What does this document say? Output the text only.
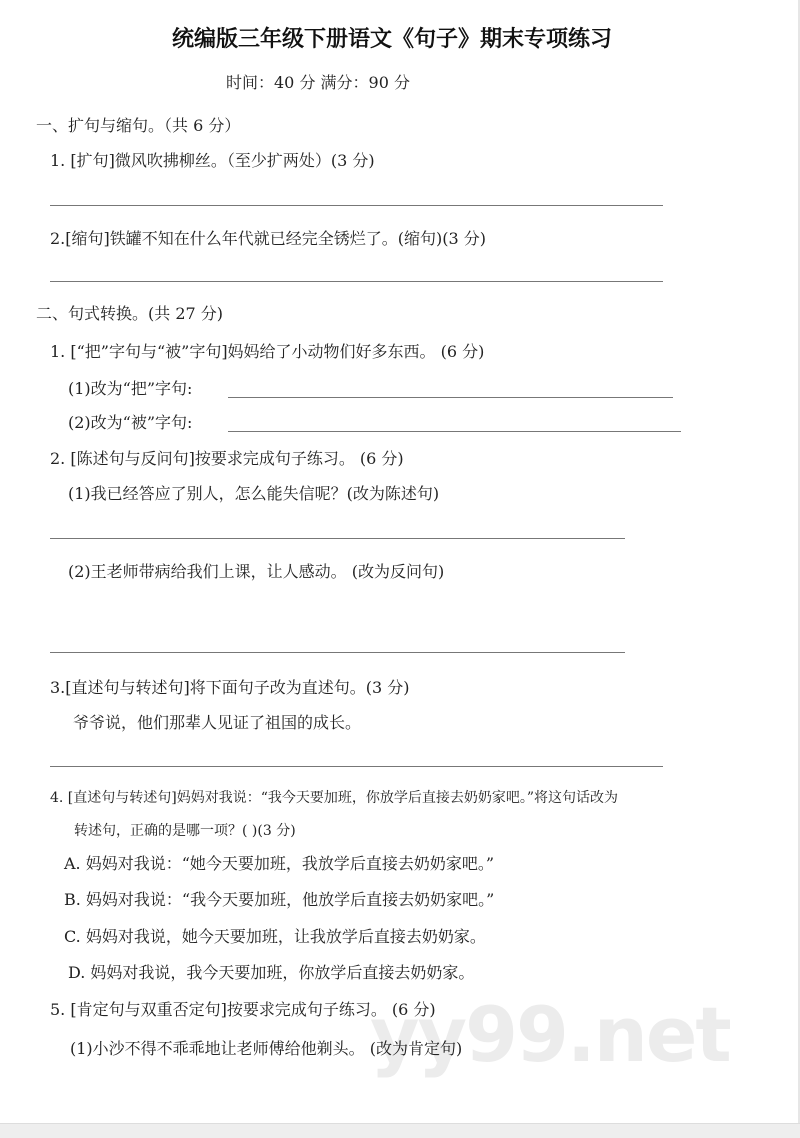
yy99.net
统编版三年级下册语文《句子》期末专项练习
时间：40 分 满分：90 分
一、扩句与缩句。（共 6 分）
1. [扩句]微风吹拂柳丝。（至少扩两处）(3 分)
2.[缩句]铁罐不知在什么年代就已经完全锈烂了。(缩句)(3 分)
二、句式转换。(共 27 分)
1. [“把”字句与“被”字句]妈妈给了小动物们好多东西。 (6 分)
(1)改为“把”字句:
(2)改为“被”字句:
2. [陈述句与反问句]按要求完成句子练习。 (6 分)
(1)我已经答应了别人，怎么能失信呢？(改为陈述句)
(2)王老师带病给我们上课，让人感动。 (改为反问句)
3.[直述句与转述句]将下面句子改为直述句。(3 分)
爷爷说，他们那辈人见证了祖国的成长。
4. [直述句与转述句]妈妈对我说：“我今天要加班，你放学后直接去奶奶家吧。”将这句话改为
转述句，正确的是哪一项？( )(3 分)
A. 妈妈对我说：“她今天要加班，我放学后直接去奶奶家吧。”
B. 妈妈对我说：“我今天要加班，他放学后直接去奶奶家吧。”
C. 妈妈对我说，她今天要加班，让我放学后直接去奶奶家。
D. 妈妈对我说，我今天要加班，你放学后直接去奶奶家。
5. [肯定句与双重否定句]按要求完成句子练习。 (6 分)
(1)小沙不得不乖乖地让老师傅给他剃头。 (改为肯定句)
